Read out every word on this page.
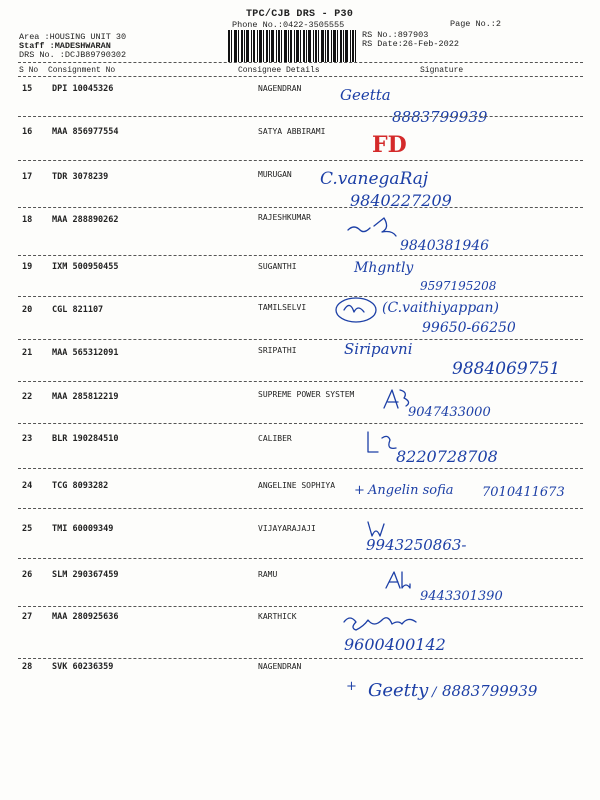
TPC/CJB DRS - P30
Phone No.:0422-3505555	Page No.:2
Area :HOUSING UNIT 30
Staff :MADESHWARAN
DRS No. :DCJB89790302
RS No.:897903
RS Date:26-Feb-2022
S No Consignment No	Consignee Details	Signature
15 DPI 10045326	NAGENDRAN	Geetta
8883799939
16 MAA 856977554	SATYA ABBIRAMI
FD
17 TDR 3078239	MURUGAN C.vanegaRaj
9840227209
18 MAA 288890262	RAJESHKUMAR
9840381946
19 IXM 500950455	SUGANTHI	Mhgntly
9597195208
20 CGL 821107	TAMILSELVI	(C.vaithiyappan)
99650-66250
21 MAA 565312091	SRIPATHI	Siripavni
9884069751
22 MAA 285812219	SUPREME POWER SYSTEM
9047433000
23 BLR 190284510	CALIBER
8220728708
24 TCG 8093282	ANGELINE SOPHIYA + Angelin sofia 7010411673
25 TMI 60009349	VIJAYARAJAJI
9943250863-
26 SLM 290367459	RAMU
9443301390
27 MAA 280925636	KARTHICK
9600400142
28 SVK 60236359	NAGENDRAN
+ Geetty / 8883799939
